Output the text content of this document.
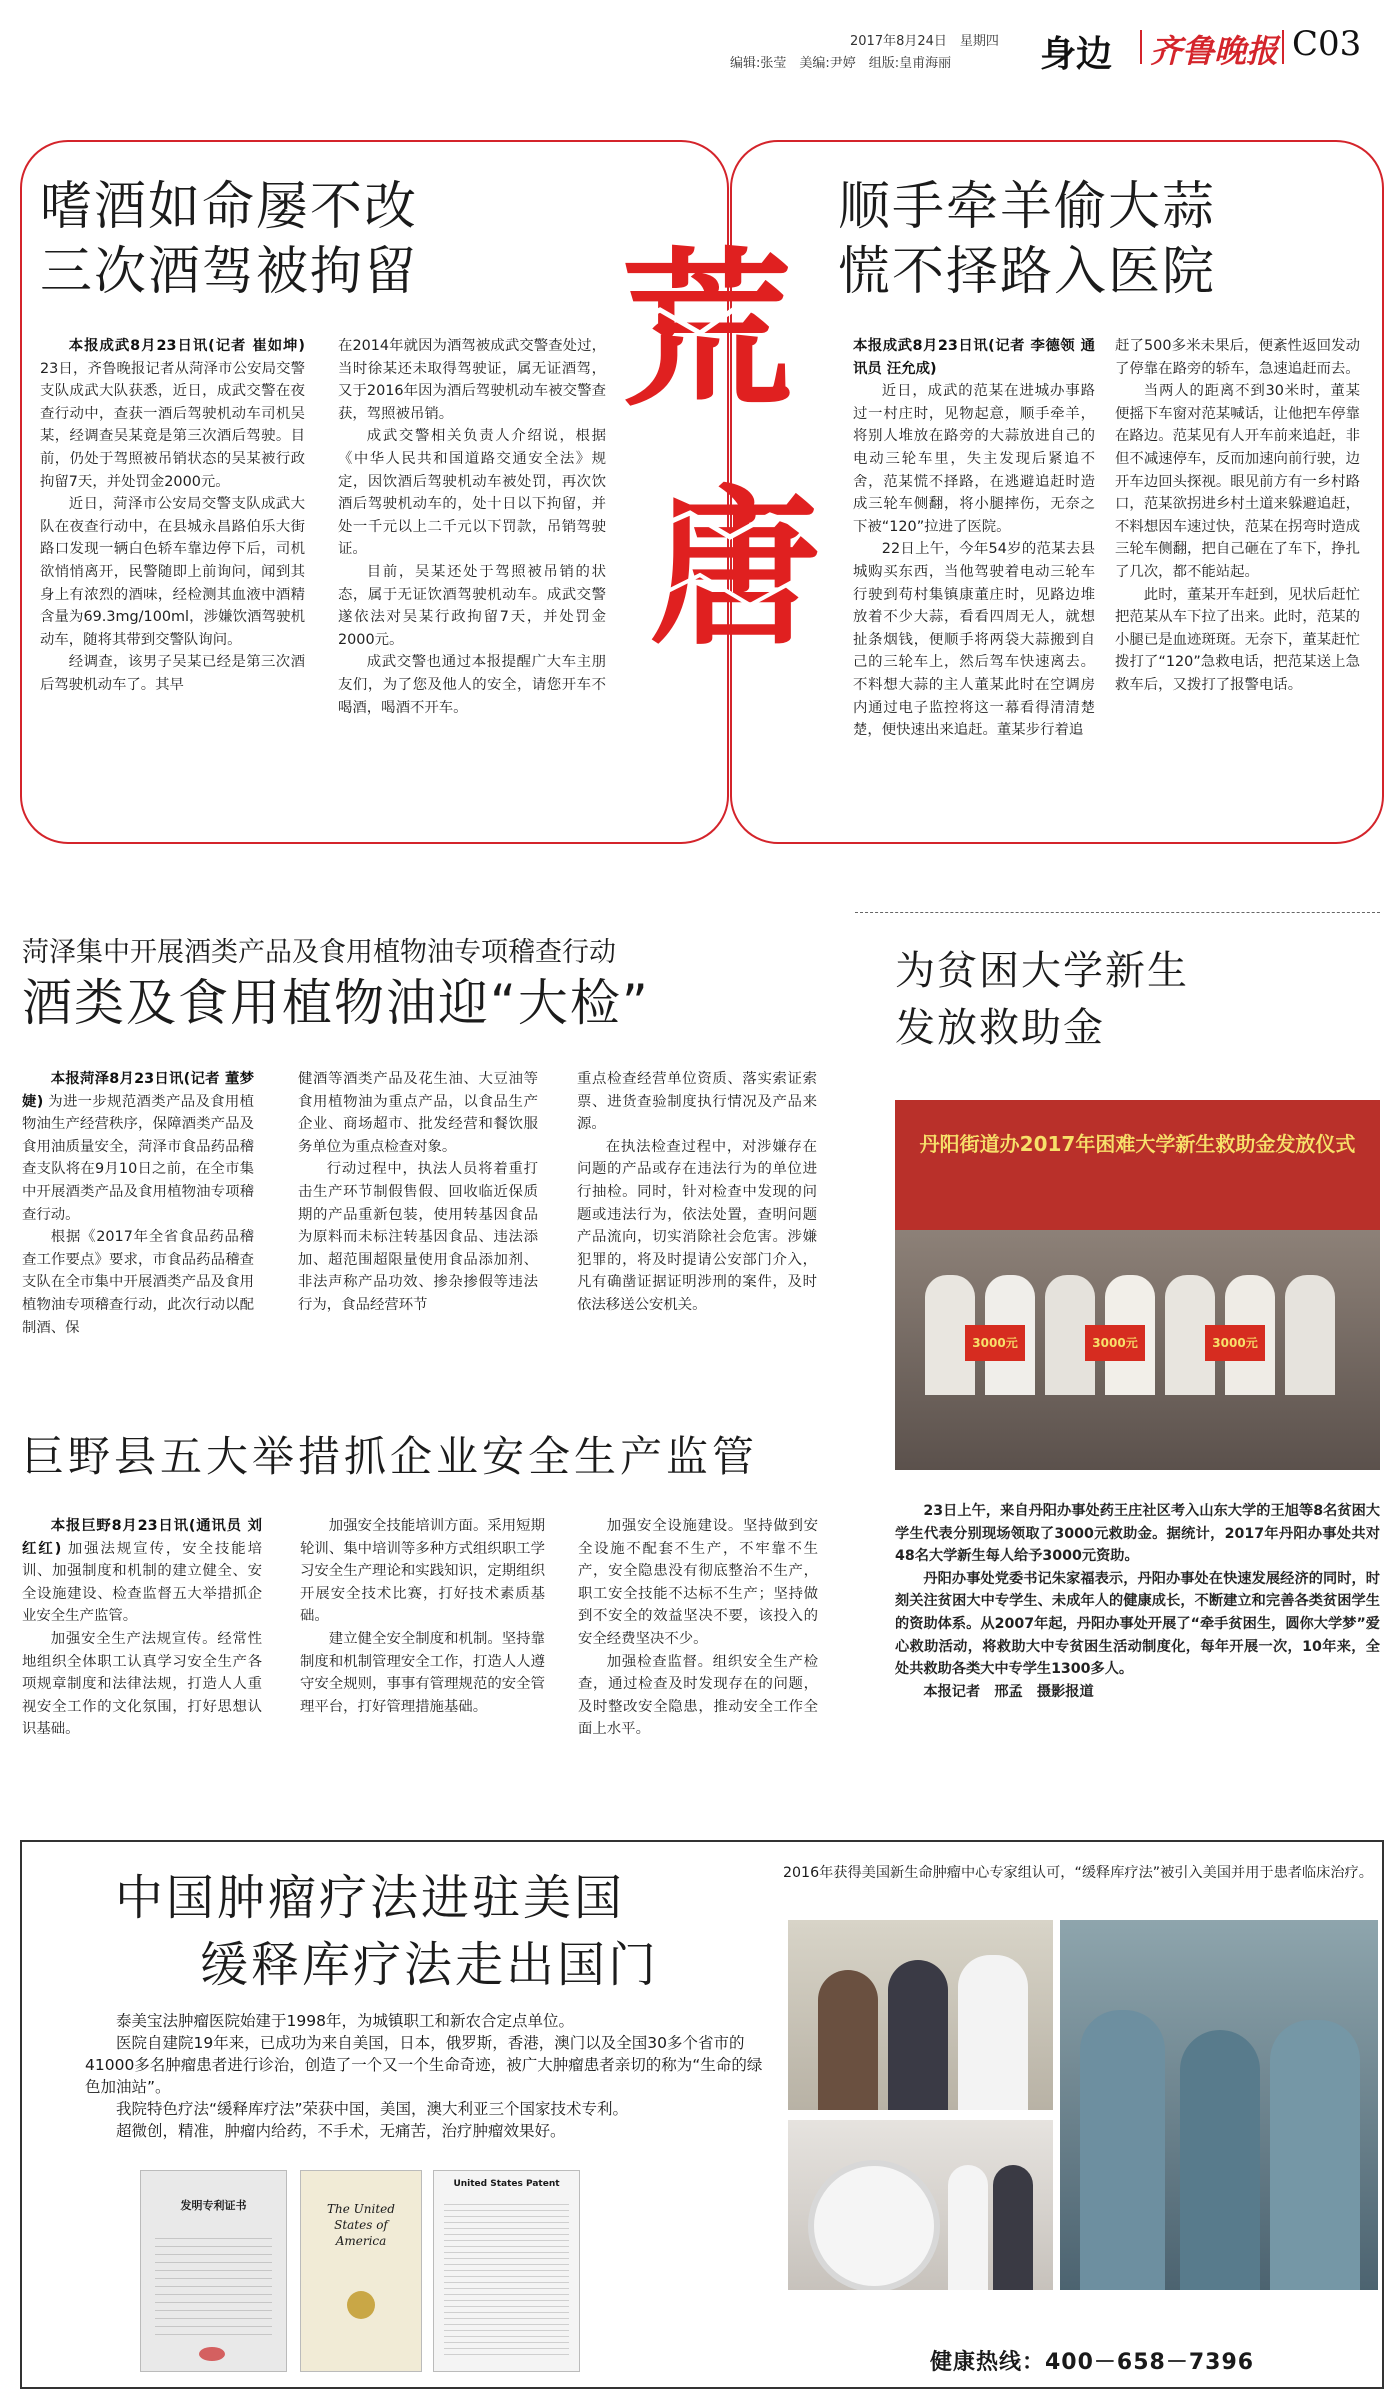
2017年8月24日　星期四
编辑:张莹　美编:尹婷　组版:皇甫海丽 身边 齐鲁晚报 C03
荒
唐
嗜酒如命屡不改
三次酒驾被拘留

本报成武8月23日讯(记者 崔如坤) 23日，齐鲁晚报记者从菏泽市公安局交警支队成武大队获悉，近日，成武交警在夜查行动中，查获一酒后驾驶机动车司机吴某，经调查吴某竟是第三次酒后驾驶。目前，仍处于驾照被吊销状态的吴某被行政拘留7天，并处罚金2000元。

近日，菏泽市公安局交警支队成武大队在夜查行动中，在县城永昌路伯乐大街路口发现一辆白色轿车靠边停下后，司机欲悄悄离开，民警随即上前询问，闻到其身上有浓烈的酒味，经检测其血液中酒精含量为69.3mg/100ml，涉嫌饮酒驾驶机动车，随将其带到交警队询问。

经调查，该男子吴某已经是第三次酒后驾驶机动车了。其早

在2014年就因为酒驾被成武交警查处过，当时徐某还未取得驾驶证，属无证酒驾，又于2016年因为酒后驾驶机动车被交警查获，驾照被吊销。

成武交警相关负责人介绍说，根据《中华人民共和国道路交通安全法》规定，因饮酒后驾驶机动车被处罚，再次饮酒后驾驶机动车的，处十日以下拘留，并处一千元以上二千元以下罚款，吊销驾驶证。

目前，吴某还处于驾照被吊销的状态，属于无证饮酒驾驶机动车。成武交警遂依法对吴某行政拘留7天，并处罚金2000元。

成武交警也通过本报提醒广大车主朋友们，为了您及他人的安全，请您开车不喝酒，喝酒不开车。

顺手牵羊偷大蒜
慌不择路入医院

本报成武8月23日讯(记者 李德领 通讯员 汪允成)

近日，成武的范某在进城办事路过一村庄时，见物起意，顺手牵羊，将别人堆放在路旁的大蒜放进自己的电动三轮车里，失主发现后紧追不舍，范某慌不择路，在逃避追赶时造成三轮车侧翻，将小腿摔伤，无奈之下被“120”拉进了医院。

22日上午，今年54岁的范某去县城购买东西，当他驾驶着电动三轮车行驶到苟村集镇康董庄时，见路边堆放着不少大蒜，看看四周无人，就想扯条烟钱，便顺手将两袋大蒜搬到自己的三轮车上，然后驾车快速离去。不料想大蒜的主人董某此时在空调房内通过电子监控将这一幕看得清清楚楚，便快速出来追赶。董某步行着追

赶了500多米未果后，便紊性返回发动了停靠在路旁的轿车，急速追赶而去。

当两人的距离不到30米时，董某便摇下车窗对范某喊话，让他把车停靠在路边。范某见有人开车前来追赶，非但不减速停车，反而加速向前行驶，边开车边回头探视。眼见前方有一乡村路口，范某欲拐进乡村土道来躲避追赶，不料想因车速过快，范某在拐弯时造成三轮车侧翻，把自己砸在了车下，挣扎了几次，都不能站起。

此时，董某开车赶到，见状后赶忙把范某从车下拉了出来。此时，范某的小腿已是血迹斑斑。无奈下，董某赶忙拨打了“120”急救电话，把范某送上急救车后，又拨打了报警电话。

菏泽集中开展酒类产品及食用植物油专项稽查行动
酒类及食用植物油迎“大检”

本报菏泽8月23日讯(记者 董梦婕) 为进一步规范酒类产品及食用植物油生产经营秩序，保障酒类产品及食用油质量安全，菏泽市食品药品稽查支队将在9月10日之前，在全市集中开展酒类产品及食用植物油专项稽查行动。

根据《2017年全省食品药品稽查工作要点》要求，市食品药品稽查支队在全市集中开展酒类产品及食用植物油专项稽查行动，此次行动以配制酒、保

健酒等酒类产品及花生油、大豆油等食用植物油为重点产品，以食品生产企业、商场超市、批发经营和餐饮服务单位为重点检查对象。

行动过程中，执法人员将着重打击生产环节制假售假、回收临近保质期的产品重新包装，使用转基因食品为原料而未标注转基因食品、违法添加、超范围超限量使用食品添加剂、非法声称产品功效、掺杂掺假等违法行为，食品经营环节

重点检查经营单位资质、落实索证索票、进货查验制度执行情况及产品来源。

在执法检查过程中，对涉嫌存在问题的产品或存在违法行为的单位进行抽检。同时，针对检查中发现的问题或违法行为，依法处置，查明问题产品流向，切实消除社会危害。涉嫌犯罪的，将及时提请公安部门介入，凡有确凿证据证明涉刑的案件，及时依法移送公安机关。

巨野县五大举措抓企业安全生产监管

本报巨野8月23日讯(通讯员 刘红红) 加强法规宣传，安全技能培训、加强制度和机制的建立健全、安全设施建设、检查监督五大举措抓企业安全生产监管。

加强安全生产法规宣传。经常性地组织全体职工认真学习安全生产各项规章制度和法律法规，打造人人重视安全工作的文化氛围，打好思想认识基础。

加强安全技能培训方面。采用短期轮训、集中培训等多种方式组织职工学习安全生产理论和实践知识，定期组织开展安全技术比赛，打好技术素质基础。

建立健全安全制度和机制。坚持靠制度和机制管理安全工作，打造人人遵守安全规则，事事有管理规范的安全管理平台，打好管理措施基础。

加强安全设施建设。坚持做到安全设施不配套不生产，不牢靠不生产，安全隐患没有彻底整治不生产，职工安全技能不达标不生产；坚持做到不安全的效益坚决不要，该投入的安全经费坚决不少。

加强检查监督。组织安全生产检查，通过检查及时发现存在的问题，及时整改安全隐患，推动安全工作全面上水平。

为贫困大学新生
发放救助金
丹阳街道办2017年困难大学新生救助金发放仪式
3000元	3000元	3000元

23日上午，来自丹阳办事处药王庄社区考入山东大学的王旭等8名贫困大学生代表分别现场领取了3000元救助金。据统计，2017年丹阳办事处共对48名大学新生每人给予3000元资助。

丹阳办事处党委书记朱家福表示，丹阳办事处在快速发展经济的同时，时刻关注贫困大中专学生、未成年人的健康成长，不断建立和完善各类贫困学生的资助体系。从2007年起，丹阳办事处开展了“牵手贫困生，圆你大学梦”爱心救助活动，将救助大中专贫困生活动制度化，每年开展一次，10年来，全处共救助各类大中专学生1300多人。

本报记者　邢孟　摄影报道

中国肿瘤疗法进驻美国
缓释库疗法走出国门
泰美宝法肿瘤医院始建于1998年，为城镇职工和新农合定点单位。
医院自建院19年来，已成功为来自美国，日本，俄罗斯，香港，澳门以及全国30多个省市的41000多名肿瘤患者进行诊治，创造了一个又一个生命奇迹，被广大肿瘤患者亲切的称为“生命的绿色加油站”。
我院特色疗法“缓释库疗法”荣获中国，美国，澳大利亚三个国家技术专利。
超微创，精准，肿瘤内给药，不手术，无痛苦，治疗肿瘤效果好。
发明专利证书	The United States of America
United States Patent
2016年获得美国新生命肿瘤中心专家组认可，“缓释库疗法”被引入美国并用于患者临床治疗。
健康热线：400－658－7396
